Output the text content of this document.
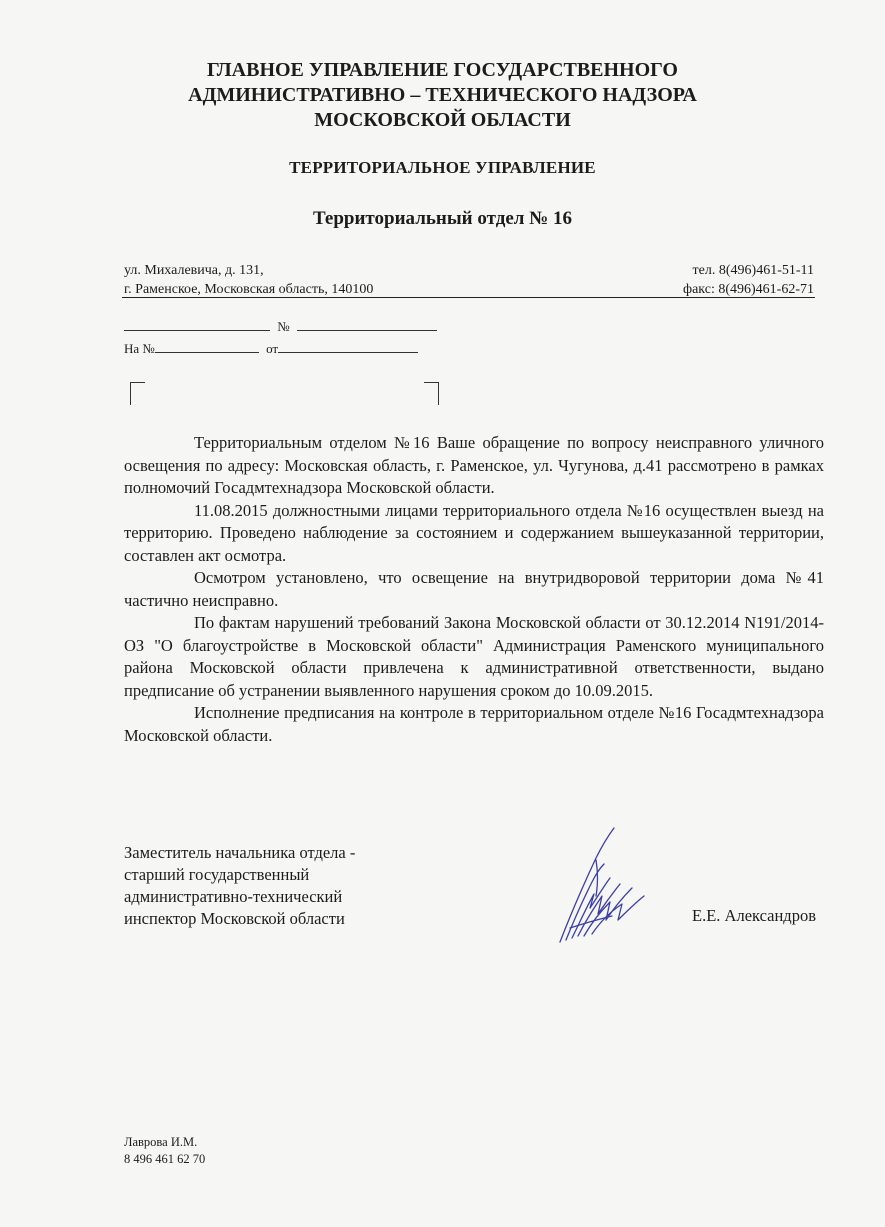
ГЛАВНОЕ УПРАВЛЕНИЕ ГОСУДАРСТВЕННОГО
АДМИНИСТРАТИВНО – ТЕХНИЧЕСКОГО НАДЗОРА
МОСКОВСКОЙ ОБЛАСТИ
ТЕРРИТОРИАЛЬНОЕ УПРАВЛЕНИЕ
Территориальный отдел № 16
ул. Михалевича, д. 131,
г. Раменское, Московская область, 140100
тел. 8(496)461-51-11
факс: 8(496)461-62-71
№
На №	от

Территориальным отделом №16 Ваше обращение по вопросу неисправного уличного освещения по адресу: Московская область, г. Раменское, ул. Чугунова, д.41 рассмотрено в рамках полномочий Госадмтехнадзора Московской области.

11.08.2015 должностными лицами территориального отдела №16 осуществлен выезд на территорию. Проведено наблюдение за состоянием и содержанием вышеуказанной территории, составлен акт осмотра.

Осмотром установлено, что освещение на внутридворовой территории дома №41 частично неисправно.

По фактам нарушений требований Закона Московской области от 30.12.2014 N191/2014-ОЗ "О благоустройстве в Московской области" Администрация Раменского муниципального района Московской области привлечена к административной ответственности, выдано предписание об устранении выявленного нарушения сроком до 10.09.2015.

Исполнение предписания на контроле в территориальном отделе №16 Госадмтехнадзора Московской области.

Заместитель начальника отдела -
старший государственный
административно-технический
инспектор Московской области	Е.Е. Александров
Лаврова И.М.
8 496 461 62 70
